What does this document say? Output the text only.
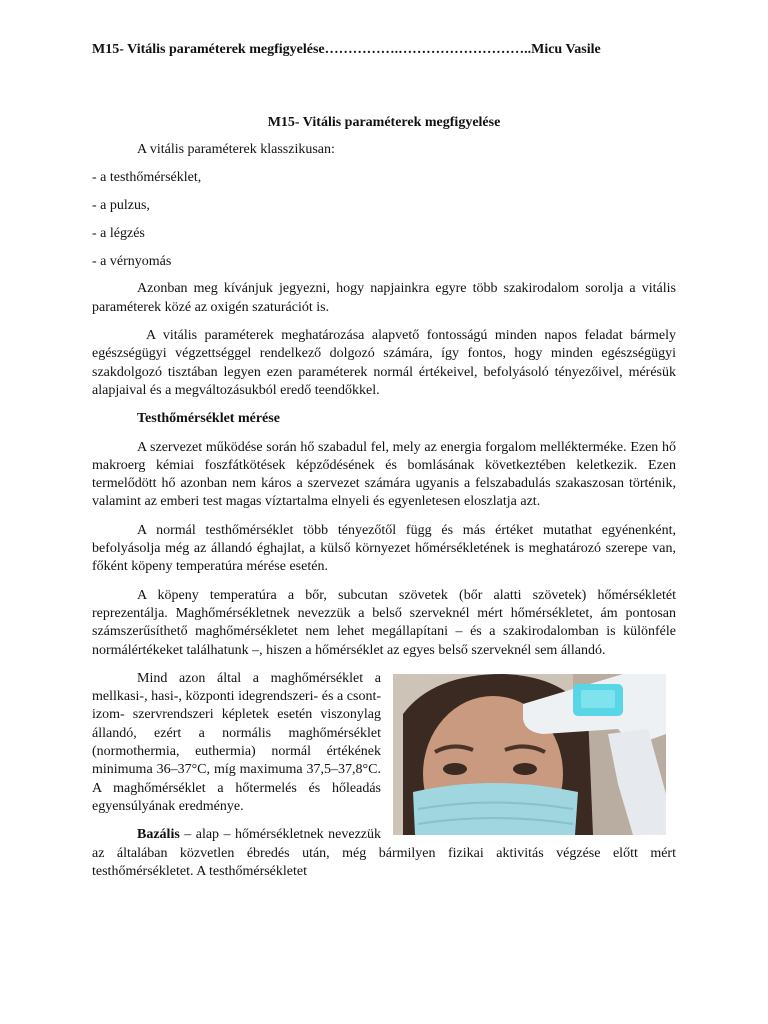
M15- Vitális paraméterek megfigyelése…………….………………………..Micu Vasile
M15- Vitális paraméterek megfigyelése

A vitális paraméterek klasszikusan:

- a testhőmérséklet,

- a pulzus,

- a légzés

- a vérnyomás

Azonban meg kívánjuk jegyezni, hogy napjainkra egyre több szakirodalom sorolja a vitális paraméterek közé az oxigén szaturációt is.

A vitális paraméterek meghatározása alapvető fontosságú minden napos feladat bármely egészségügyi végzettséggel rendelkező dolgozó számára, így fontos, hogy minden egészségügyi szakdolgozó tisztában legyen ezen paraméterek normál értékeivel, befolyásoló tényezőivel, mérésük alapjaival és a megváltozásukból eredő teendőkkel.

Testhőmérséklet mérése

A szervezet működése során hő szabadul fel, mely az energia forgalom mellékterméke. Ezen hő makroerg kémiai foszfátkötések képződésének és bomlásának következtében keletkezik. Ezen termelődött hő azonban nem káros a szervezet számára ugyanis a felszabadulás szakaszosan történik, valamint az emberi test magas víztartalma elnyeli és egyenletesen eloszlatja azt.

A normál testhőmérséklet több tényezőtől függ és más értéket mutathat egyénenként, befolyásolja még az állandó éghajlat, a külső környezet hőmérsékletének is meghatározó szerepe van, főként köpeny temperatúra mérése esetén.

A köpeny temperatúra a bőr, subcutan szövetek (bőr alatti szövetek) hőmérsékletét reprezentálja. Maghőmérsékletnek nevezzük a belső szerveknél mért hőmérsékletet, ám pontosan számszerűsíthető maghőmérsékletet nem lehet megállapítani – és a szakirodalomban is különféle normálértékeket találhatunk –, hiszen a hőmérséklet az egyes belső szerveknél sem állandó.

Mind azon által a maghőmérséklet a mellkasi-, hasi-, központi idegrendszeri- és a csont-izom- szervrendszeri képletek esetén viszonylag állandó, ezért a normális maghőmérséklet (normothermia, euthermia) normál értékének minimuma 36–37°C, míg maximuma 37,5–37,8°C. A maghőmérséklet a hőtermelés és hőleadás egyensúlyának eredménye.

Bazális – alap – hőmérsékletnek nevezzük az általában közvetlen ébredés után, még bármilyen fizikai aktivitás végzése előtt mért testhőmérsékletet. A testhőmérsékletet
